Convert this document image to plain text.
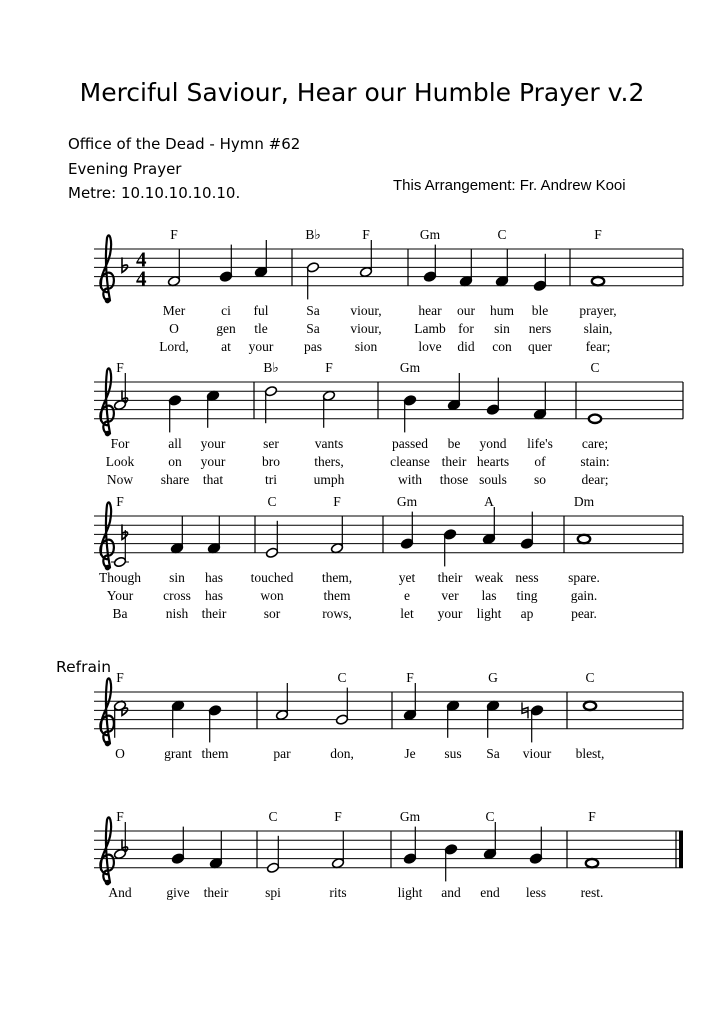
Merciful Saviour, Hear our Humble Prayer v.2
Office of the Dead - Hymn #62
Evening Prayer
Metre: 10.10.10.10.10.	This Arrangement: Fr. Andrew Kooi
Refrain
4
4
F
Mer
O
Lord,
ci
gen
at
ful
tle
your
B♭
Sa
Sa
pas
F
viour,
viour,
sion
Gm
hear
Lamb
love
our
for
did
C
hum
sin
con
ble
ners
quer
F
prayer,
slain,
fear;
F
For
Look
Now
all
on
share
your
your
that
B♭
ser
bro
tri
F
vants
thers,
umph
Gm
passed
cleanse
with
be
their
those
yond
hearts
souls
life's
of
so
C
care;
stain:
dear;
F
Though
Your
Ba
sin
cross
nish
has
has
their
C
touched
won
sor
F
them,
them
rows,
Gm
yet
e
let
their
ver
your
A
weak
las
light
ness
ting
ap
Dm
spare.
gain.
pear.
F
O	grant them	par
C
don,
F
Je sus
G
Sa viour
C
blest,
F
And	give their
C
spi
F
rits
Gm
light and
C
end less
F
rest.
